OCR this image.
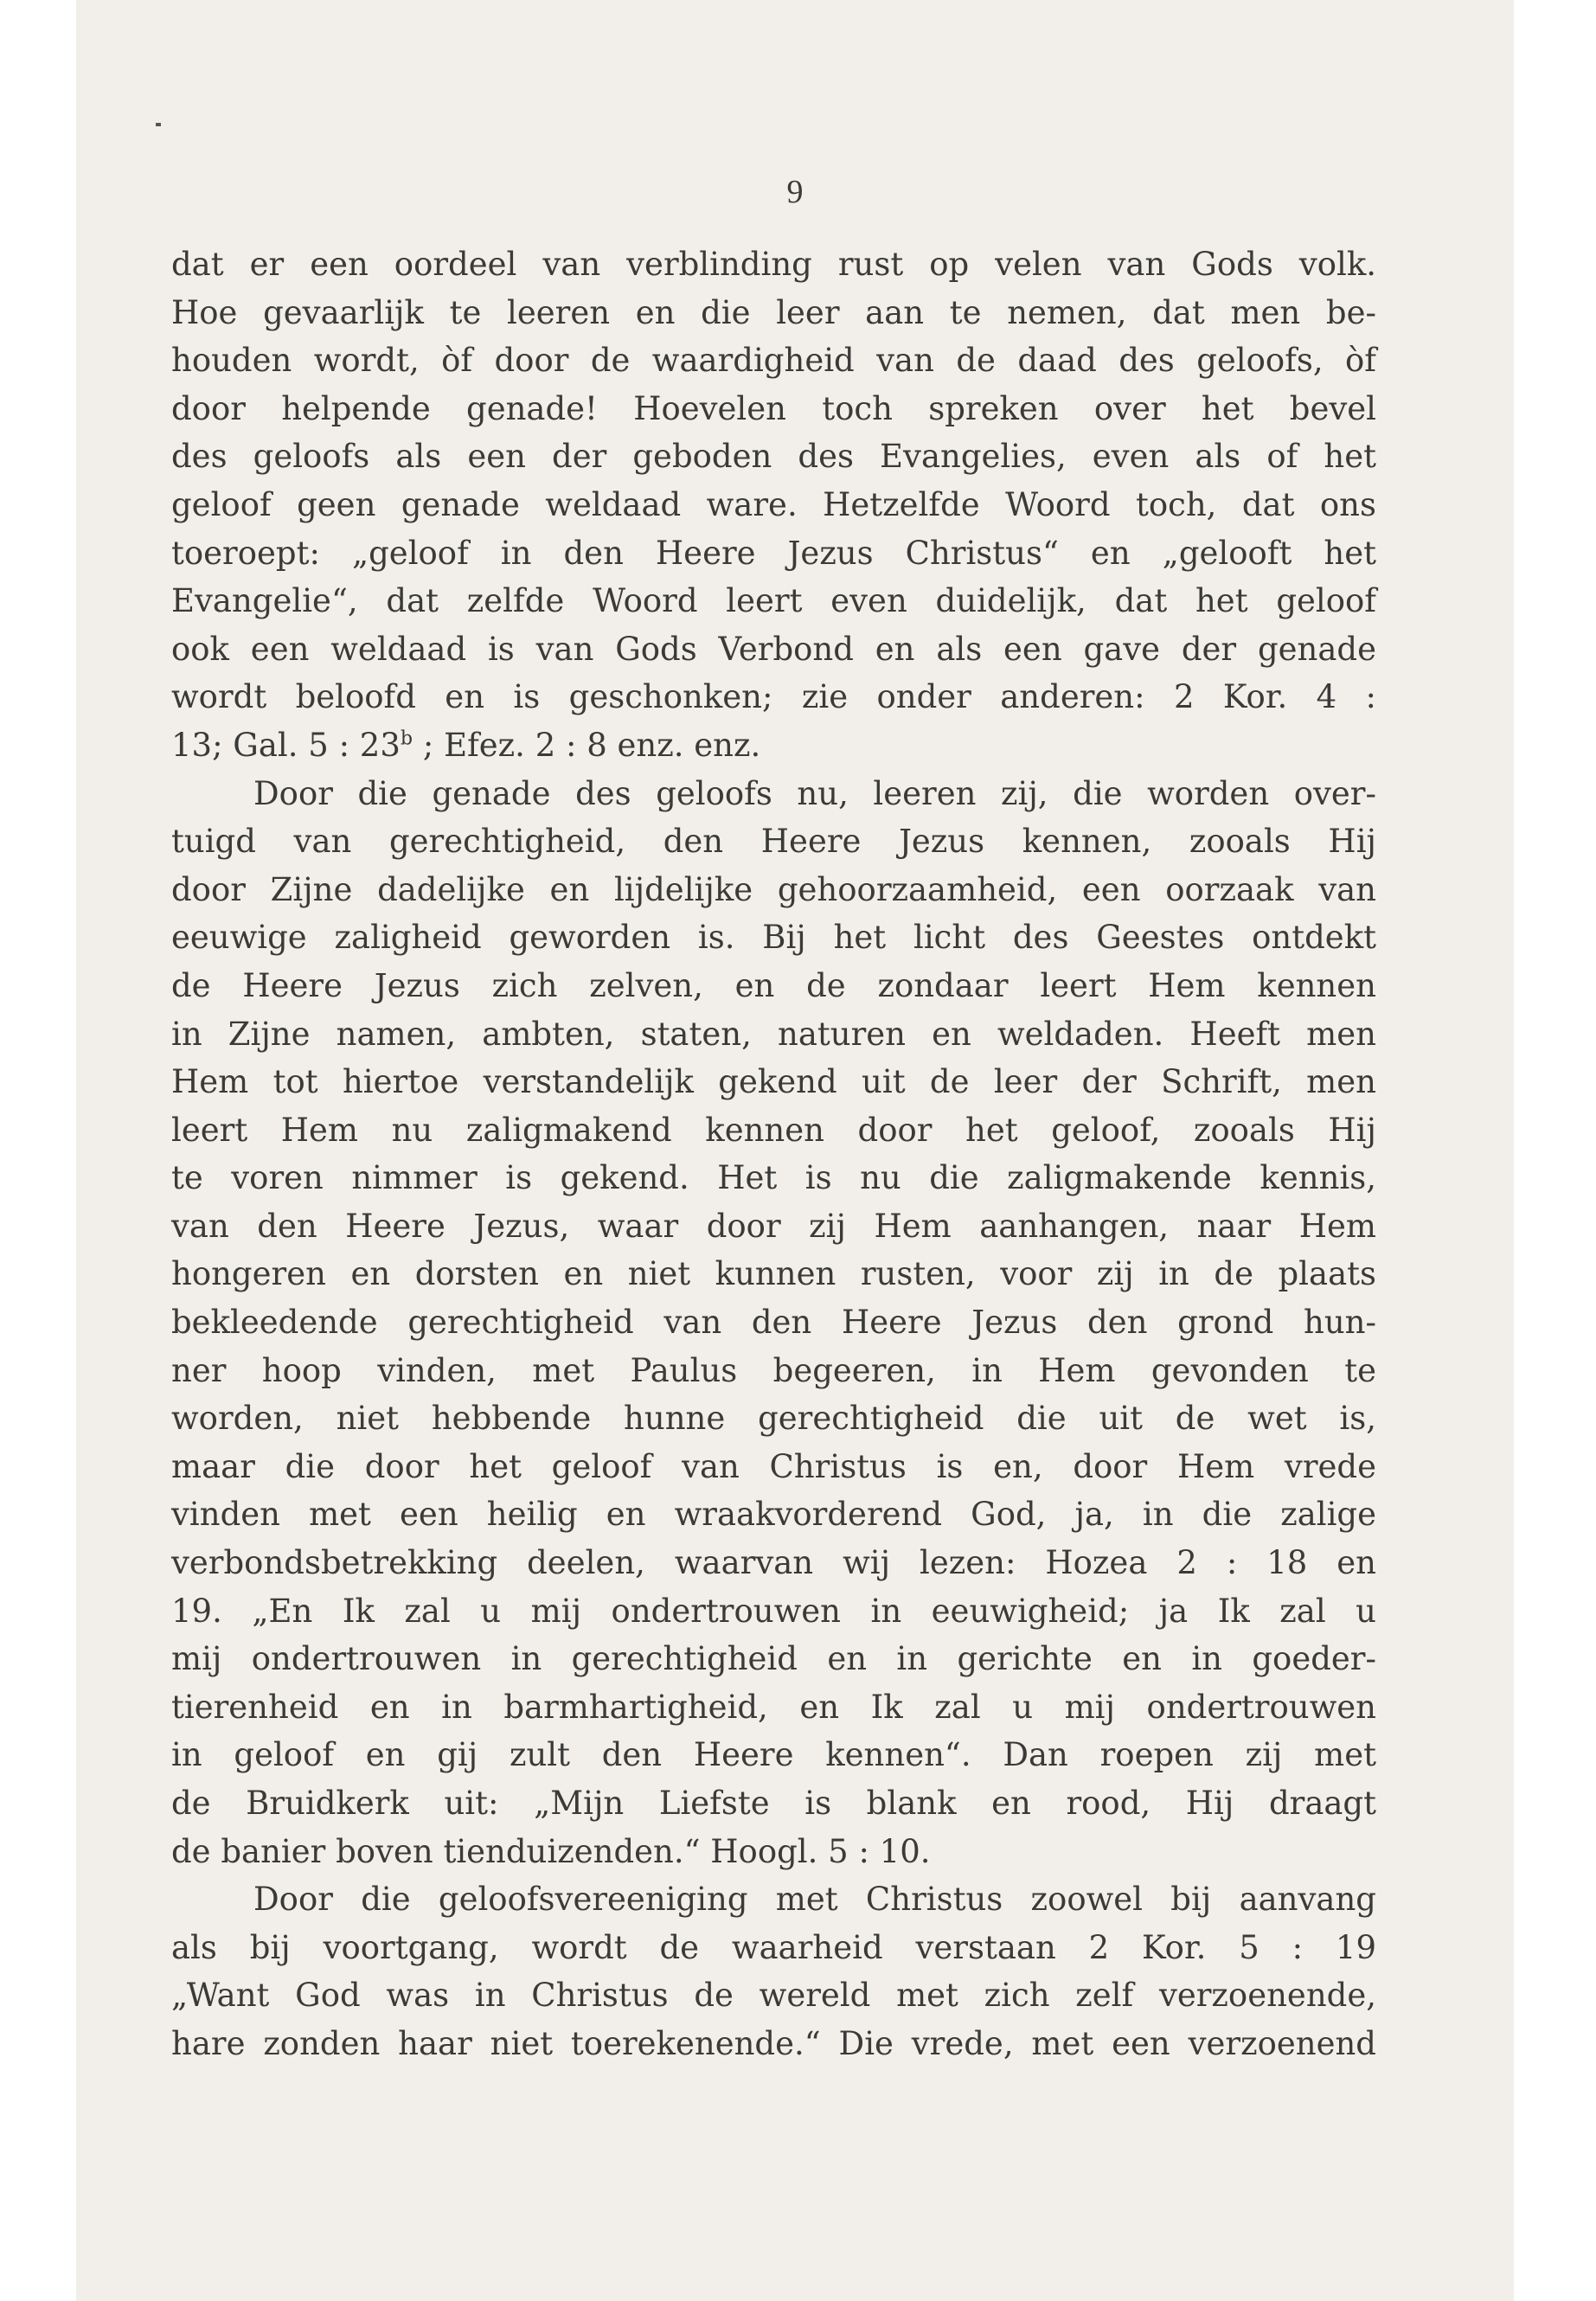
9

dat er een oordeel van verblinding rust op velen van Gods volk.

Hoe gevaarlijk te leeren en die leer aan te nemen, dat men be-

houden wordt, òf door de waardigheid van de daad des geloofs, òf

door helpende genade! Hoevelen toch spreken over het bevel

des geloofs als een der geboden des Evangelies, even als of het

geloof geen genade weldaad ware. Hetzelfde Woord toch, dat ons

toeroept: „geloof in den Heere Jezus Christus“ en „gelooft het

Evangelie“, dat zelfde Woord leert even duidelijk, dat het geloof

ook een weldaad is van Gods Verbond en als een gave der genade

wordt beloofd en is geschonken; zie onder anderen: 2 Kor. 4 :

13; Gal. 5 : 23$^b$ ; Efez. 2 : 8 enz. enz.

Door die genade des geloofs nu, leeren zij, die worden over-

tuigd van gerechtigheid, den Heere Jezus kennen, zooals Hij

door Zijne dadelijke en lijdelijke gehoorzaamheid, een oorzaak van

eeuwige zaligheid geworden is. Bij het licht des Geestes ontdekt

de Heere Jezus zich zelven, en de zondaar leert Hem kennen

in Zijne namen, ambten, staten, naturen en weldaden. Heeft men

Hem tot hiertoe verstandelijk gekend uit de leer der Schrift, men

leert Hem nu zaligmakend kennen door het geloof, zooals Hij

te voren nimmer is gekend. Het is nu die zaligmakende kennis,

van den Heere Jezus, waar door zij Hem aanhangen, naar Hem

hongeren en dorsten en niet kunnen rusten, voor zij in de plaats

bekleedende gerechtigheid van den Heere Jezus den grond hun-

ner hoop vinden, met Paulus begeeren, in Hem gevonden te

worden, niet hebbende hunne gerechtigheid die uit de wet is,

maar die door het geloof van Christus is en, door Hem vrede

vinden met een heilig en wraakvorderend God, ja, in die zalige

verbondsbetrekking deelen, waarvan wij lezen: Hozea 2 : 18 en

19. „En Ik zal u mij ondertrouwen in eeuwigheid; ja Ik zal u

mij ondertrouwen in gerechtigheid en in gerichte en in goeder-

tierenheid en in barmhartigheid, en Ik zal u mij ondertrouwen

in geloof en gij zult den Heere kennen“. Dan roepen zij met

de Bruidkerk uit: „Mijn Liefste is blank en rood, Hij draagt

de banier boven tienduizenden.“ Hoogl. 5 : 10.

Door die geloofsvereeniging met Christus zoowel bij aanvang

als bij voortgang, wordt de waarheid verstaan 2 Kor. 5 : 19

„Want God was in Christus de wereld met zich zelf verzoenende,

hare zonden haar niet toerekenende.“ Die vrede, met een verzoenend
